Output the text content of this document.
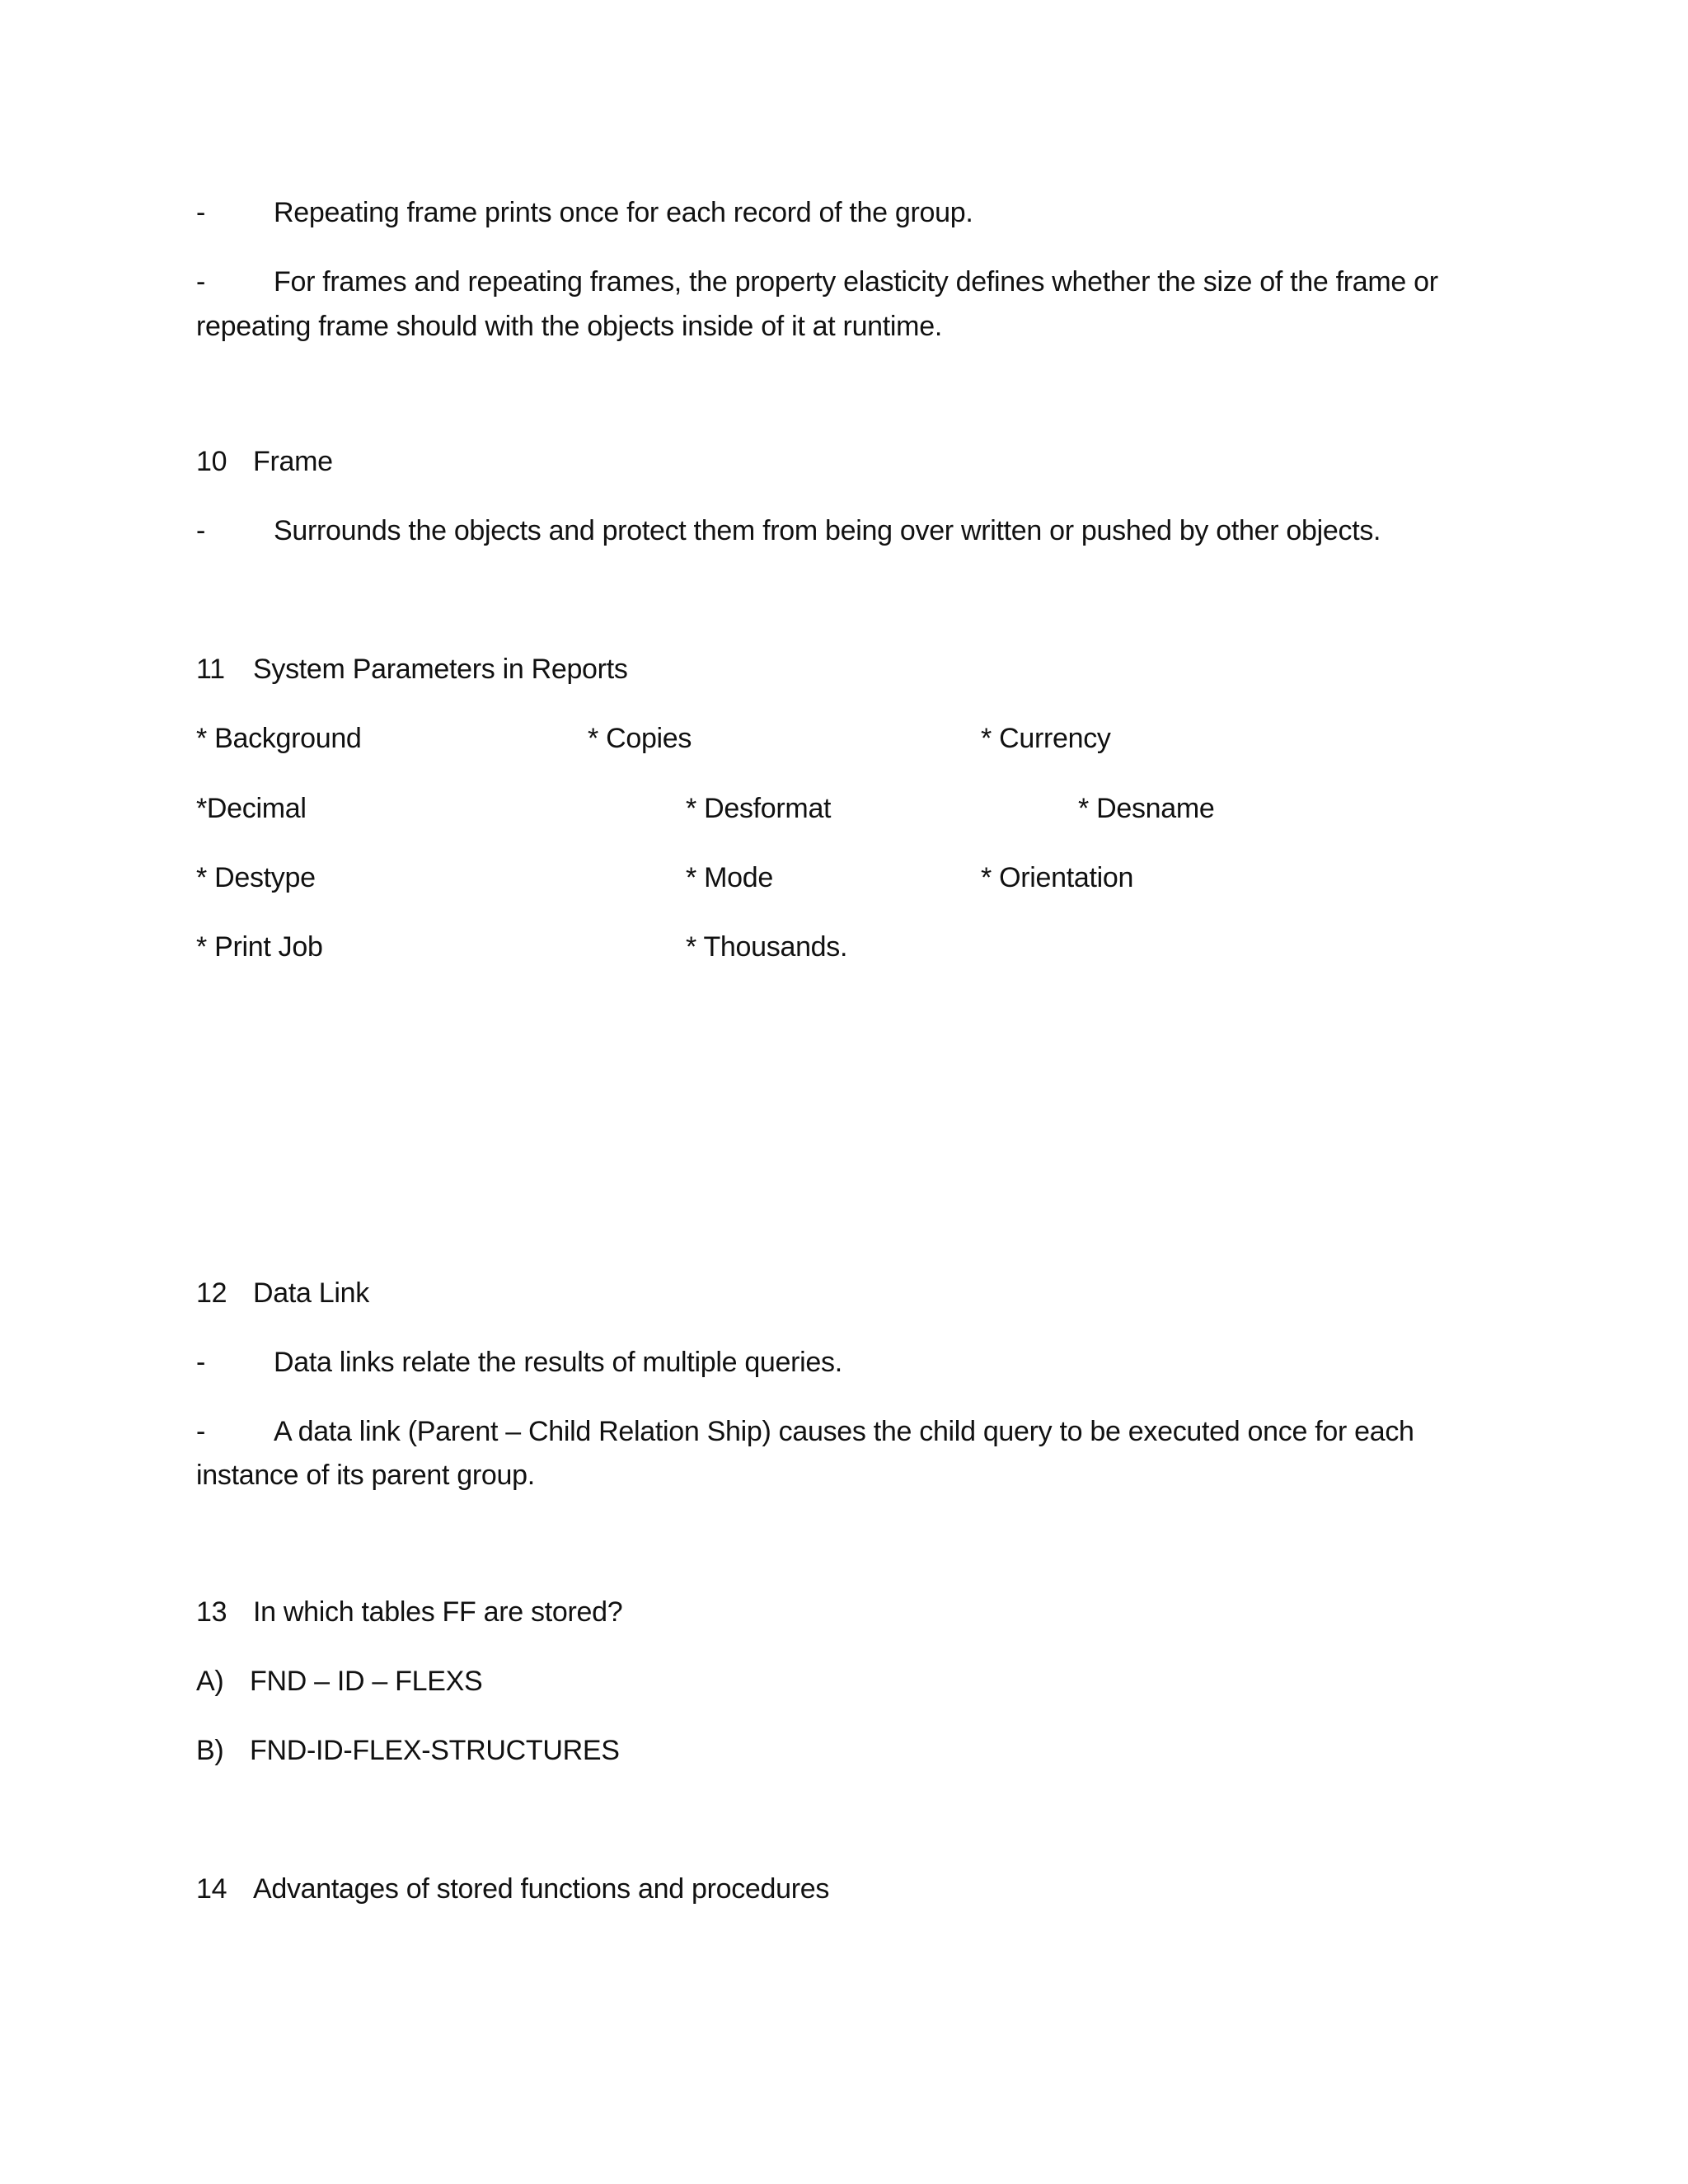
- Repeating frame prints once for each record of the group.
- For frames and repeating frames, the property elasticity defines whether the size of the frame or
repeating frame should with the objects inside of it at runtime.
10 Frame
- Surrounds the objects and protect them from being over written or pushed by other objects.
11 System Parameters in Reports
* Background	* Copies	* Currency
*Decimal	* Desformat	* Desname
* Destype	* Mode	* Orientation
* Print Job	* Thousands.
12 Data Link
- Data links relate the results of multiple queries.
- A data link (Parent – Child Relation Ship) causes the child query to be executed once for each
instance of its parent group.
13 In which tables FF are stored?
A) FND – ID – FLEXS
B) FND-ID-FLEX-STRUCTURES
14 Advantages of stored functions and procedures
